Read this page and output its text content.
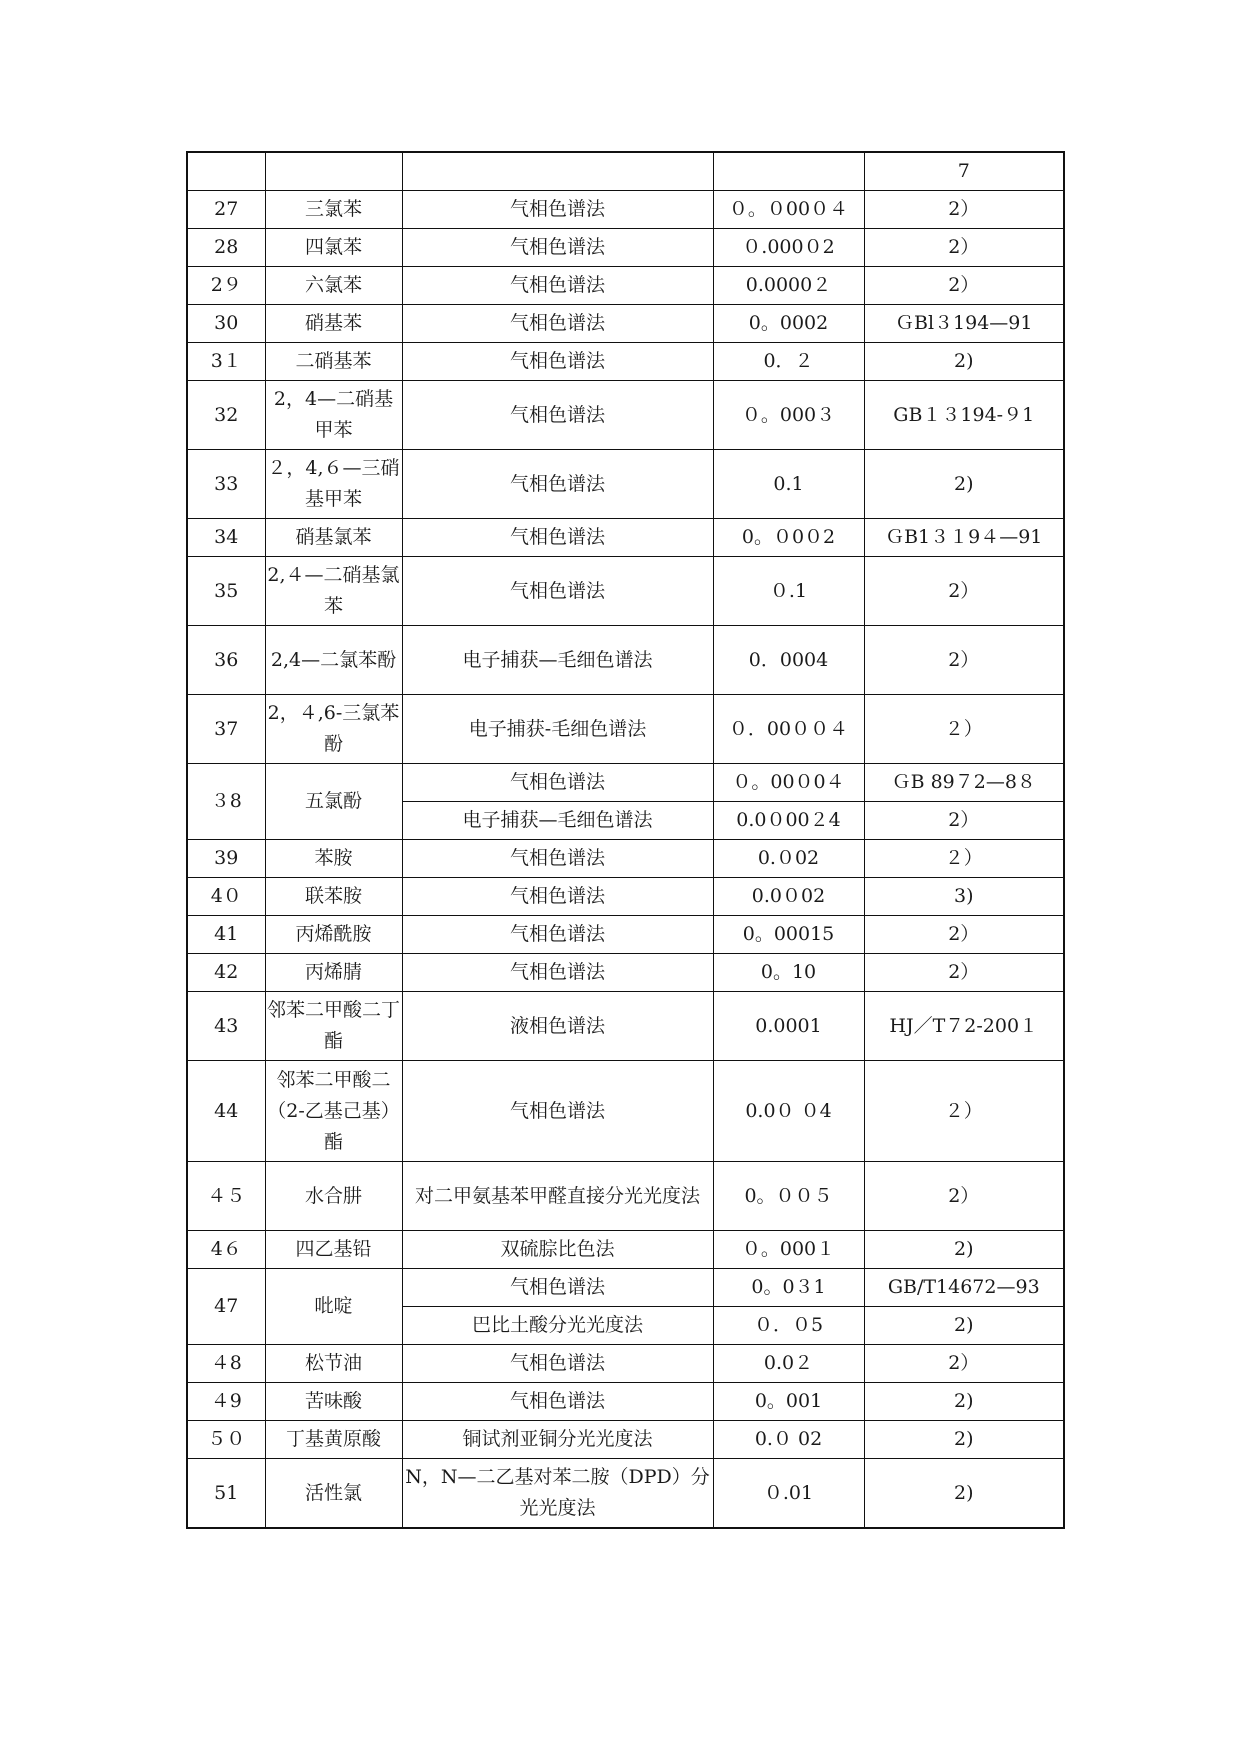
				7
27	三氯苯	气相色谱法	０。０00０４	2）
28	四氯苯	气相色谱法	０.000０2	2）
2９	六氯苯	气相色谱法	0.0000２	2）
30	硝基苯	气相色谱法	0。0002	ＧBl３194—91
3１	二硝基苯	气相色谱法	0．２	2)
32	2，4—二硝基甲苯	气相色谱法	０。000３	GB１３194-９1
33	２，4,６—三硝基甲苯	气相色谱法	0.1	2)
34	硝基氯苯	气相色谱法	0。０0０2	ＧB1３１9４—91
35	2,４—二硝基氯苯	气相色谱法	０.1	2）
36	2,4—二氯苯酚	电子捕获—毛细色谱法	0．0004	2）
37	2，４,6-三氯苯酚	电子捕获-毛细色谱法	０．00００４	２）
３8	五氯酚	气相色谱法	０。00０0４	ＧB 89７2—8８
		电子捕获—毛细色谱法	0.0０00２4	2）
39	苯胺	气相色谱法	0.０02	２）
4０	联苯胺	气相色谱法	0.0０02	3)
41	丙烯酰胺	气相色谱法	0。00015	2）
42	丙烯腈	气相色谱法	0。10	2）
43	邻苯二甲酸二丁酯	液相色谱法	0.0001	HJ／T７2-200１
44	邻苯二甲酸二（2-乙基己基）酯	气相色谱法	0.0０ ０4	２）
４５	水合肼	对二甲氨基苯甲醛直接分光光度法	0。００５	2）
4６	四乙基铅	双硫腙比色法	０。000１	2)
47	吡啶	气相色谱法	0。0３1	GB/T14672—93
		巴比土酸分光光度法	０．０5	2)
４8	松节油	气相色谱法	0.0２	2）
４9	苦味酸	气相色谱法	0。001	2)
５０	丁基黄原酸	铜试剂亚铜分光光度法	0.０ 02	2)
51	活性氯	N，N—二乙基对苯二胺（DPD）分光光度法	０.01	2)
